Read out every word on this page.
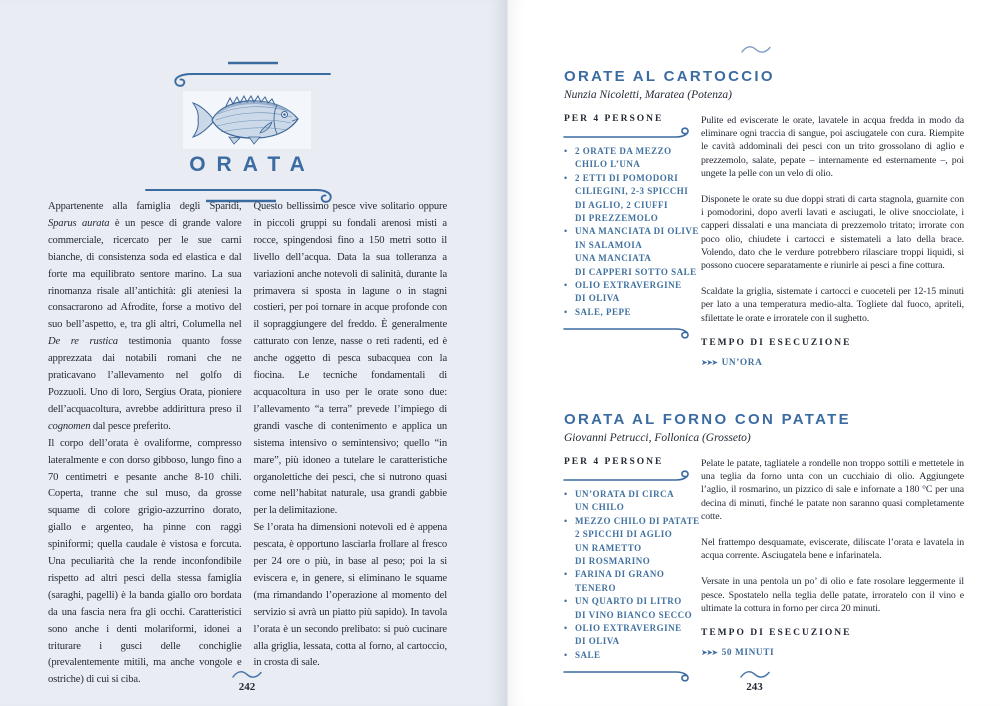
ORATA
Appartenente alla famiglia degli Sparidi, Sparus aurata è un pesce di grande valore commerciale, ricercato per le sue carni bianche, di consistenza soda ed elastica e dal forte ma equilibrato sentore marino. La sua rinomanza risale all’antichità: gli ateniesi la consacrarono ad Afrodite, forse a motivo del suo bell’aspetto, e, tra gli altri, Columella nel De re rustica testimonia quanto fosse apprezzata dai notabili romani che ne praticavano l’allevamento nel golfo di Pozzuoli. Uno di loro, Sergius Orata, pioniere dell’acquacoltura, avrebbe addirittura preso il cognomen dal pesce preferito.
Il corpo dell’orata è ovaliforme, compresso lateralmente e con dorso gibboso, lungo fino a 70 centimetri e pesante anche 8-10 chili. Coperta, tranne che sul muso, da grosse squame di colore grigio-azzurrino dorato, giallo e argenteo, ha pinne con raggi spiniformi; quella caudale è vistosa e forcuta. Una peculiarità che la rende inconfondibile rispetto ad altri pesci della stessa famiglia (saraghi, pagelli) è la banda giallo oro bordata da una fascia nera fra gli occhi. Caratteristici sono anche i denti molariformi, idonei a triturare i gusci delle conchiglie (prevalentemente mitili, ma anche vongole e ostriche) di cui si ciba.
Questo bellissimo pesce vive solitario oppure in piccoli gruppi su fondali arenosi misti a rocce, spingendosi fino a 150 metri sotto il livello dell’acqua. Data la sua tolleranza a variazioni anche notevoli di salinità, durante la primavera si sposta in lagune o in stagni costieri, per poi tornare in acque profonde con il sopraggiungere del freddo. È generalmente catturato con lenze, nasse o reti radenti, ed è anche oggetto di pesca subacquea con la fiocina. Le tecniche fondamentali di acquacoltura in uso per le orate sono due: l’allevamento “a terra” prevede l’impiego di grandi vasche di contenimento e applica un sistema intensivo o semintensivo; quello “in mare”, più idoneo a tutelare le caratteristiche organolettiche dei pesci, che si nutrono quasi come nell’habitat naturale, usa grandi gabbie per la delimitazione.
Se l’orata ha dimensioni notevoli ed è appena pescata, è opportuno lasciarla frollare al fresco per 24 ore o più, in base al peso; poi la si eviscera e, in genere, si eliminano le squame (ma rimandando l’operazione al momento del servizio si avrà un piatto più sapido). In tavola l’orata è un secondo prelibato: si può cucinare alla griglia, lessata, cotta al forno, al cartoccio, in crosta di sale.
242
ORATE AL CARTOCCIO
Nunzia Nicoletti, Maratea (Potenza)
PER 4 PERSONE
• 2 ORATE DA MEZZO
CHILO L’UNA
• 2 ETTI DI POMODORI
CILIEGINI, 2-3 SPICCHI
DI AGLIO, 2 CIUFFI
DI PREZZEMOLO
• UNA MANCIATA DI OLIVE
IN SALAMOIA
UNA MANCIATA
DI CAPPERI SOTTO SALE
• OLIO EXTRAVERGINE
DI OLIVA
• SALE, PEPE

Pulite ed eviscerate le orate, lavatele in acqua fredda in modo da eliminare ogni traccia di sangue, poi asciugatele con cura. Riempite le cavità addominali dei pesci con un trito grossolano di aglio e prezzemolo, salate, pepate – internamente ed esternamente –, poi ungete la pelle con un velo di olio.

Disponete le orate su due doppi strati di carta stagnola, guarnite con i pomodorini, dopo averli lavati e asciugati, le olive snocciolate, i capperi dissalati e una manciata di prezzemolo tritato; irrorate con poco olio, chiudete i cartocci e sistemateli a lato della brace. Volendo, dato che le verdure potrebbero rilasciare troppi liquidi, si possono cuocere separatamente e riunirle ai pesci a fine cottura.

Scaldate la griglia, sistemate i cartocci e cuoceteli per 12-15 minuti per lato a una temperatura medio-alta. Togliete dal fuoco, apriteli, sfilettate le orate e irroratele con il sughetto.

TEMPO DI ESECUZIONE
➤➤➤ UN’ORA
ORATA AL FORNO CON PATATE
Giovanni Petrucci, Follonica (Grosseto)
PER 4 PERSONE
• UN’ORATA DI CIRCA
UN CHILO
• MEZZO CHILO DI PATATE
2 SPICCHI DI AGLIO
UN RAMETTO
DI ROSMARINO
• FARINA DI GRANO
TENERO
• UN QUARTO DI LITRO
DI VINO BIANCO SECCO
• OLIO EXTRAVERGINE
DI OLIVA
• SALE

Pelate le patate, tagliatele a rondelle non troppo sottili e mettetele in una teglia da forno unta con un cucchiaio di olio. Aggiungete l’aglio, il rosmarino, un pizzico di sale e infornate a 180 °C per una decina di minuti, finché le patate non saranno quasi completamente cotte.

Nel frattempo desquamate, eviscerate, diliscate l’orata e lavatela in acqua corrente. Asciugatela bene e infarinatela.

Versate in una pentola un po’ di olio e fate rosolare leggermente il pesce. Spostatelo nella teglia delle patate, irroratelo con il vino e ultimate la cottura in forno per circa 20 minuti.

TEMPO DI ESECUZIONE
➤➤➤ 50 MINUTI
243
